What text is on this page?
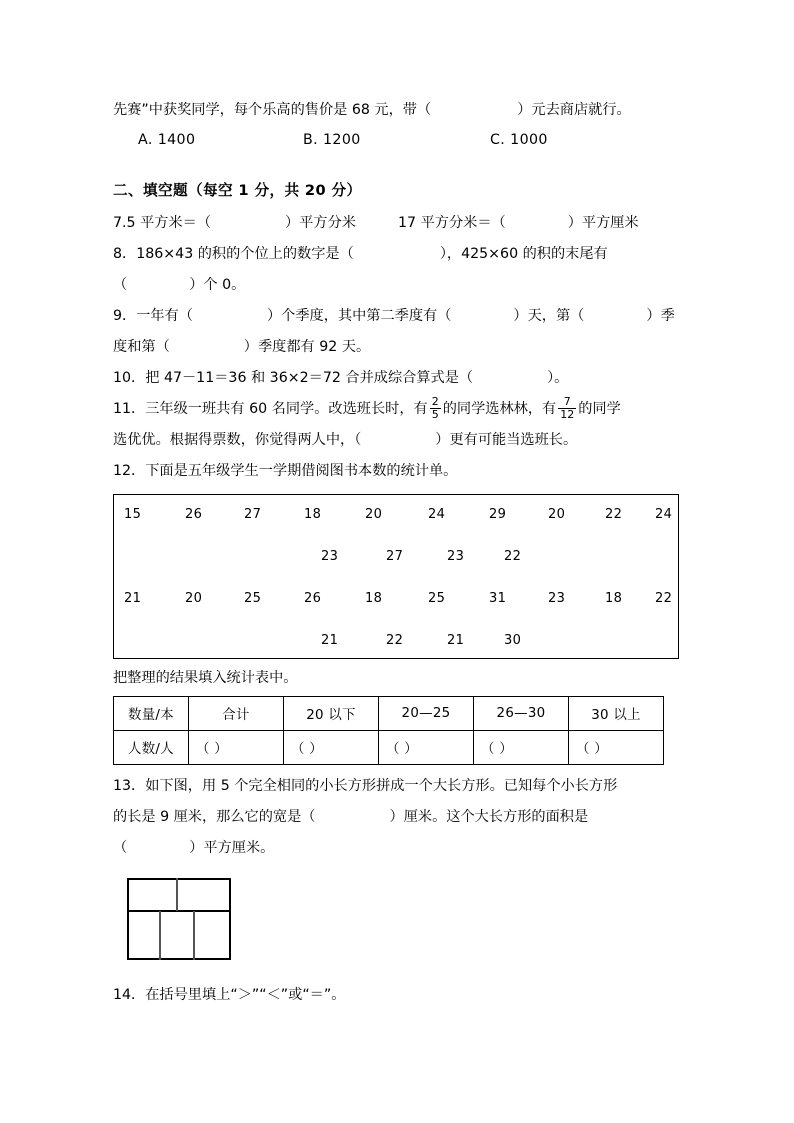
先赛”中获奖同学，每个乐高的售价是 68 元，带（	）元去商店就行。
A. 1400	B. 1200	C. 1000
二、填空题（每空 1 分，共 20 分）
7.5 平方米＝（	）平方分米	17 平方分米＝（	）平方厘米
8．186×43 的积的个位上的数字是（	），425×60 的积的末尾有
（	）个 0。
9．一年有（	）个季度，其中第二季度有（	）天，第（	）季
度和第（	）季度都有 92 天。
10．把 47－11＝36 和 36×2＝72 合并成综合算式是（	）。
11．三年级一班共有 60 名同学。改选班长时，有 $\frac{2}{5}$ 的同学选林林，有 $\frac{7}{12}$ 的同学
选优优。根据得票数，你觉得两人中，（	）更有可能当选班长。
12．下面是五年级学生一学期借阅图书本数的统计单。
15	26	27	18	20	24	29	20	22	24
23	27	23	22
21	20	25	26	18	25	31	23	18	22
21	22	21	30
把整理的结果填入统计表中。
数量/本	合计	20 以下	20—25	26—30	30 以上
人数/人	（ ）	（ ）	（ ）	（ ）	（ ）
13．如下图，用 5 个完全相同的小长方形拼成一个大长方形。已知每个小长方形
的长是 9 厘米，那么它的宽是（	）厘米。这个大长方形的面积是
（	）平方厘米。
14．在括号里填上“＞”“＜”或“＝”。
